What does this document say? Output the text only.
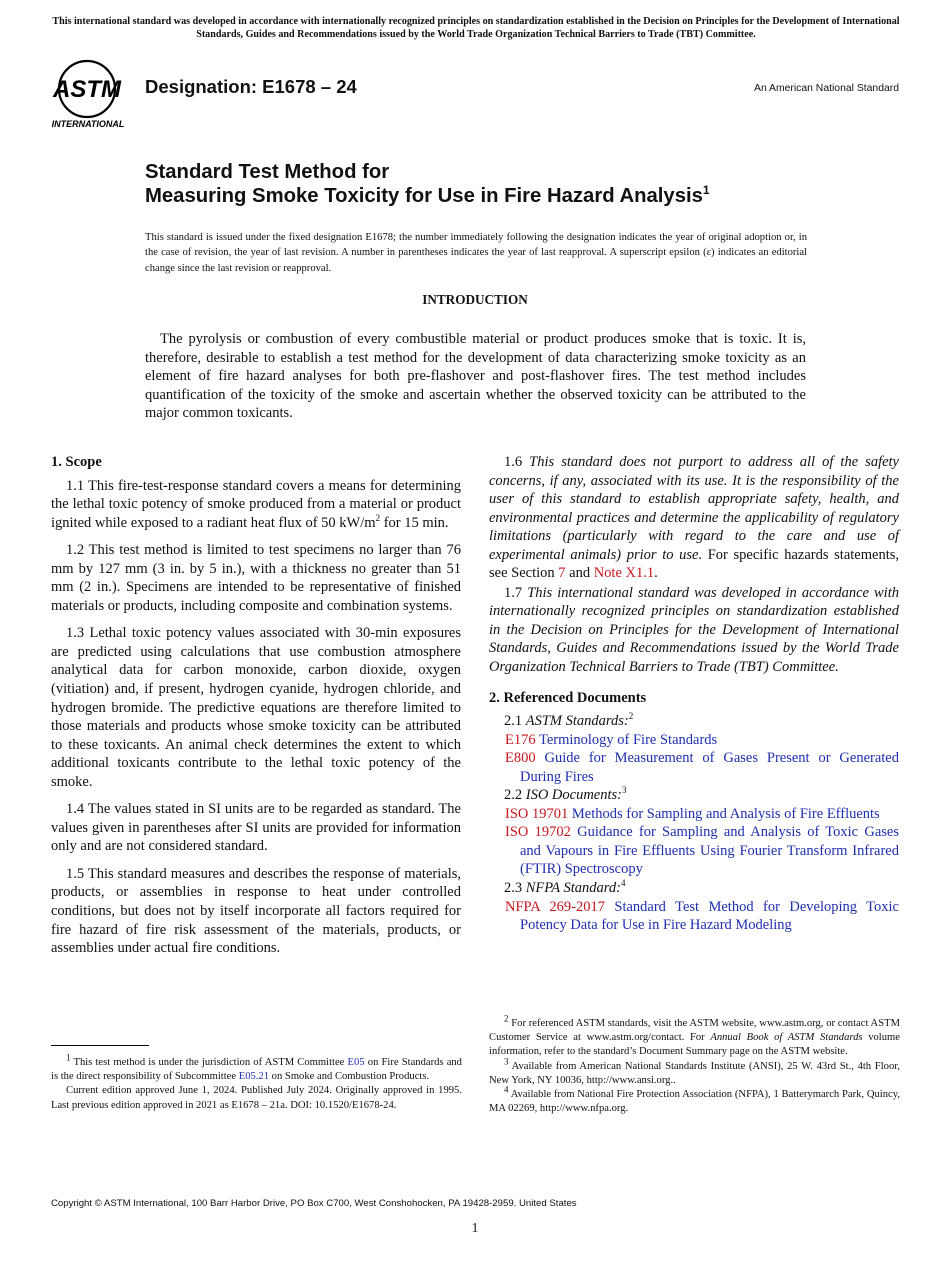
This international standard was developed in accordance with internationally recognized principles on standardization established in the Decision on Principles for the Development of International Standards, Guides and Recommendations issued by the World Trade Organization Technical Barriers to Trade (TBT) Committee.
ASTM
INTERNATIONAL
Designation: E1678 – 24	An American National Standard
Standard Test Method for
Measuring Smoke Toxicity for Use in Fire Hazard Analysis$^1$
This standard is issued under the fixed designation E1678; the number immediately following the designation indicates the year of original adoption or, in the case of revision, the year of last revision. A number in parentheses indicates the year of last reapproval. A superscript epsilon (ε) indicates an editorial change since the last revision or reapproval.
INTRODUCTION
The pyrolysis or combustion of every combustible material or product produces smoke that is toxic. It is, therefore, desirable to establish a test method for the development of data characterizing smoke toxicity as an element of fire hazard analyses for both pre-flashover and post-flashover fires. The test method includes quantification of the toxicity of the smoke and ascertain whether the observed toxicity can be attributed to the major common toxicants.
1. Scope

1.1 This fire-test-response standard covers a means for determining the lethal toxic potency of smoke produced from a material or product ignited while exposed to a radiant heat flux of 50 $kW/m^2$ for 15 min.

1.2 This test method is limited to test specimens no larger than 76 mm by 127 mm (3 in. by 5 in.), with a thickness no greater than 51 mm (2 in.). Specimens are intended to be representative of finished materials or products, including composite and combination systems.

1.3 Lethal toxic potency values associated with 30-min exposures are predicted using calculations that use combustion atmosphere analytical data for carbon monoxide, carbon dioxide, oxygen (vitiation) and, if present, hydrogen cyanide, hydrogen chloride, and hydrogen bromide. The predictive equations are therefore limited to those materials and products whose smoke toxicity can be attributed to these toxicants. An animal check determines the extent to which additional toxicants contribute to the lethal toxic potency of the smoke.

1.4 The values stated in SI units are to be regarded as standard. The values given in parentheses after SI units are provided for information only and are not considered standard.

1.5 This standard measures and describes the response of materials, products, or assemblies in response to heat under controlled conditions, but does not by itself incorporate all factors required for fire hazard of fire risk assessment of the materials, products, or assemblies under actual fire conditions.

1.6 This standard does not purport to address all of the safety concerns, if any, associated with its use. It is the responsibility of the user of this standard to establish appropriate safety, health, and environmental practices and determine the applicability of regulatory limitations (particularly with regard to the care and use of experimental animals) prior to use. For specific hazards statements, see Section 7 and Note X1.1.

1.7 This international standard was developed in accordance with internationally recognized principles on standardization established in the Decision on Principles for the Development of International Standards, Guides and Recommendations issued by the World Trade Organization Technical Barriers to Trade (TBT) Committee.

2. Referenced Documents
2.1 ASTM Standards:$^2$
E176 Terminology of Fire Standards
E800 Guide for Measurement of Gases Present or Generated During Fires
2.2 ISO Documents:$^3$
ISO 19701 Methods for Sampling and Analysis of Fire Effluents
ISO 19702 Guidance for Sampling and Analysis of Toxic Gases and Vapours in Fire Effluents Using Fourier Transform Infrared (FTIR) Spectroscopy
2.3 NFPA Standard:$^4$
NFPA 269-2017 Standard Test Method for Developing Toxic Potency Data for Use in Fire Hazard Modeling

$^1$ This test method is under the jurisdiction of ASTM Committee E05 on Fire Standards and is the direct responsibility of Subcommittee E05.21 on Smoke and Combustion Products.

Current edition approved June 1, 2024. Published July 2024. Originally approved in 1995. Last previous edition approved in 2021 as E1678 – 21a. DOI: 10.1520/E1678-24.

$^2$ For referenced ASTM standards, visit the ASTM website, www.astm.org, or contact ASTM Customer Service at www.astm.org/contact. For Annual Book of ASTM Standards volume information, refer to the standard’s Document Summary page on the ASTM website.

$^3$ Available from American National Standards Institute (ANSI), 25 W. 43rd St., 4th Floor, New York, NY 10036, http://www.ansi.org..

$^4$ Available from National Fire Protection Association (NFPA), 1 Batterymarch Park, Quincy, MA 02269, http://www.nfpa.org.

Copyright © ASTM International, 100 Barr Harbor Drive, PO Box C700, West Conshohocken, PA 19428-2959. United States
1
